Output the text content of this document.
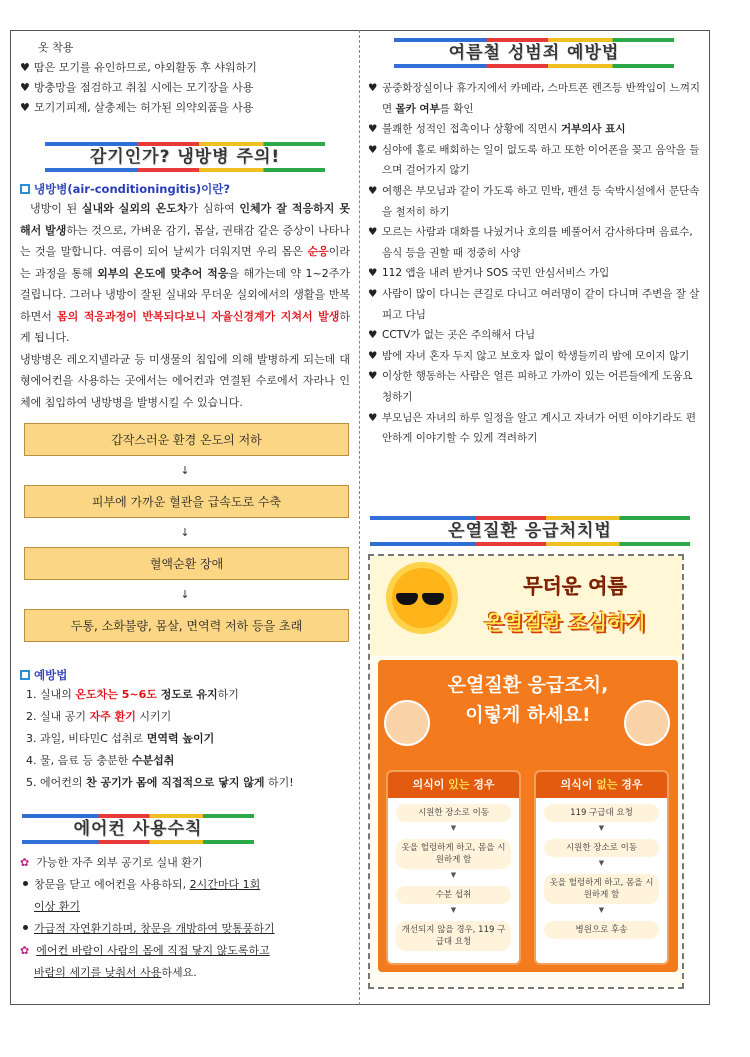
옷 착용
♥ 땀은 모기를 유인하므로, 야외활동 후 샤워하기
♥ 방충망을 점검하고 취침 시에는 모기장을 사용
♥ 모기기피제, 살충제는 허가된 의약외품을 사용
감기인가? 냉방병 주의!
냉방병(air-conditioningitis)이란?
냉방이 된 실내와 실외의 온도차가 심하여 인체가 잘 적응하지 못해서 발생하는 것으로, 가벼운 감기, 몸살, 권태감 같은 증상이 나타나는 것을 말합니다. 여름이 되어 날씨가 더워지면 우리 몸은 순응이라는 과정을 통해 외부의 온도에 맞추어 적응을 해가는데 약 1~2주가 걸립니다. 그러나 냉방이 잘된 실내와 무더운 실외에서의 생활을 반복하면서 몸의 적응과정이 반복되다보니 자율신경계가 지쳐서 발생하게 됩니다.
냉방병은 레오지넬라균 등 미생물의 침입에 의해 발병하게 되는데 대형에어컨을 사용하는 곳에서는 에어컨과 연결된 수로에서 자라나 인체에 침입하여 냉방병을 발병시킬 수 있습니다.
갑작스러운 환경 온도의 저하
↓
피부에 가까운 혈관을 급속도로 수축
↓
혈액순환 장애
↓
두통, 소화불량, 몸살, 면역력 저하 등을 초래
예방법
1. 실내의 온도차는 5~6도 정도로 유지하기
2. 실내 공기 자주 환기 시키기
3. 과일, 비타민C 섭취로 면역력 높이기
4. 물, 음료 등 충분한 수분섭취
5. 에어컨의 찬 공기가 몸에 직접적으로 닿지 않게 하기!
에어컨 사용수칙
✿ 가능한 자주 외부 공기로 실내 환기
창문을 닫고 에어컨을 사용하되, 2시간마다 1회
이상 환기
가급적 자연환기하며, 창문을 개방하여 맞통풍하기
✿ 에어컨 바람이 사람의 몸에 직접 닿지 않도록하고
바람의 세기를 낮춰서 사용하세요.
여름철 성범죄 예방법
♥ 공중화장실이나 휴가지에서 카메라, 스마트폰 렌즈등 반짝임이 느껴지면 몰카 여부를 확인
♥ 불쾌한 성적인 접촉이나 상황에 직면시 거부의사 표시
♥ 심야에 홀로 배회하는 일이 없도록 하고 또한 이어폰을 꽂고 음악을 들으며 걸어가지 않기
♥ 여행은 부모님과 같이 가도록 하고 민박, 펜션 등 숙박시설에서 문단속을 철저히 하기
♥ 모르는 사람과 대화를 나눴거나 호의를 베풀어서 감사하다며 음료수, 음식 등을 권할 때 정중히 사양
♥ 112 앱을 내려 받거나 SOS 국민 안심서비스 가입
♥ 사람이 많이 다니는 큰길로 다니고 여러명이 같이 다니며 주변을 잘 살피고 다님
♥ CCTV가 없는 곳은 주의해서 다님
♥ 밤에 자녀 혼자 두지 않고 보호자 없이 학생들끼리 밤에 모이지 않기
♥ 이상한 행동하는 사람은 얼른 피하고 가까이 있는 어른들에게 도움요청하기
♥ 부모님은 자녀의 하루 일정을 알고 계시고 자녀가 어떤 이야기라도 편안하게 이야기할 수 있게 격려하기
온열질환 응급처치법
무더운 여름
온열질환 조심하기
온열질환 응급조치,
이렇게 하세요!
의식이 있는 경우
시원한 장소로 이동
▼
옷을 헐렁하게 하고, 몸을 시원하게 함
▼
수분 섭취
▼
개선되지 않을 경우, 119 구급대 요청
의식이 없는 경우
119 구급대 요청
▼
시원한 장소로 이동
▼
옷을 헐렁하게 하고, 몸을 시원하게 함
▼
병원으로 후송
